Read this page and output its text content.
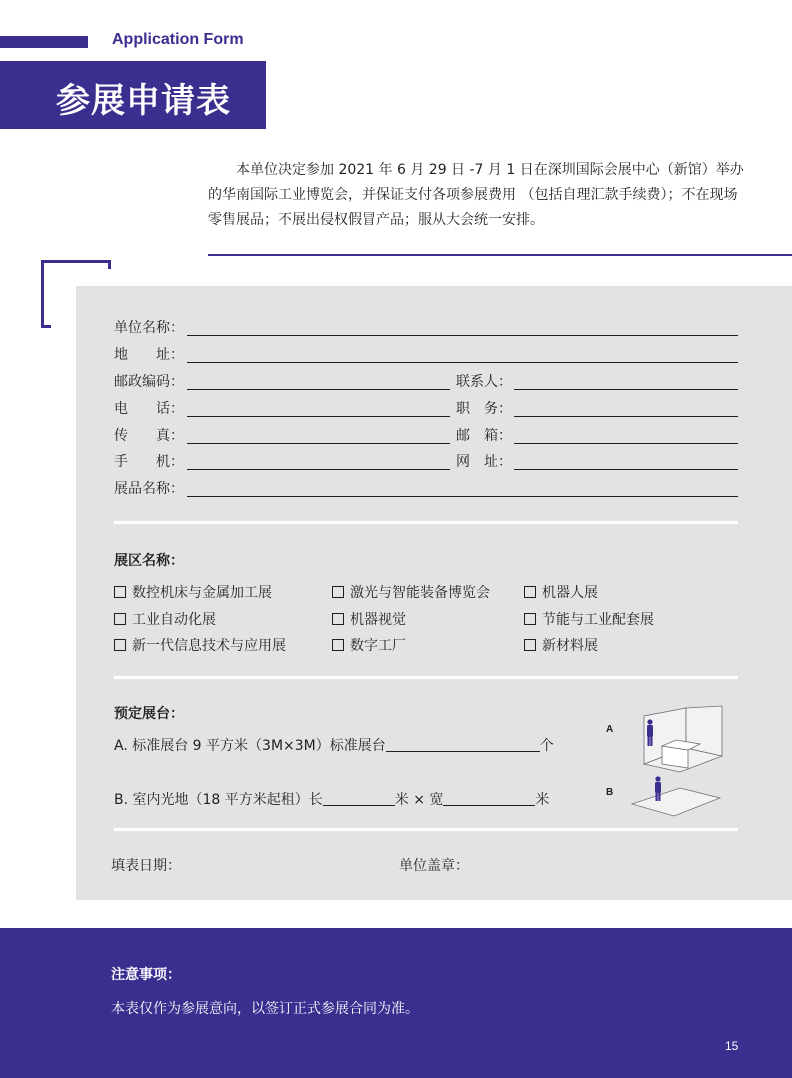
Application Form
参展申请表

本单位决定参加 2021 年 6 月 29 日 -7 月 1 日在深圳国际会展中心（新馆）举办的华南国际工业博览会，并保证支付各项参展费用 （包括自理汇款手续费）；不在现场零售展品；不展出侵权假冒产品；服从大会统一安排。

单位名称：
地　　址：
邮政编码：	联系人：
电　　话：	职　务：
传　　真：	邮　箱：
手　　机：	网　址：
展品名称：
展区名称：
数控机床与金属加工展	激光与智能装备博览会	机器人展
工业自动化展	机器视觉	节能与工业配套展
新一代信息技术与应用展	数字工厂	新材料展
预定展台：
A. 标准展台 9 平方米（3M×3M）标准展台	个
B. 室内光地（18 平方米起租）长	米 × 宽	米
A
B
填表日期：	单位盖章：
注意事项：
本表仅作为参展意向，以签订正式参展合同为准。
15
